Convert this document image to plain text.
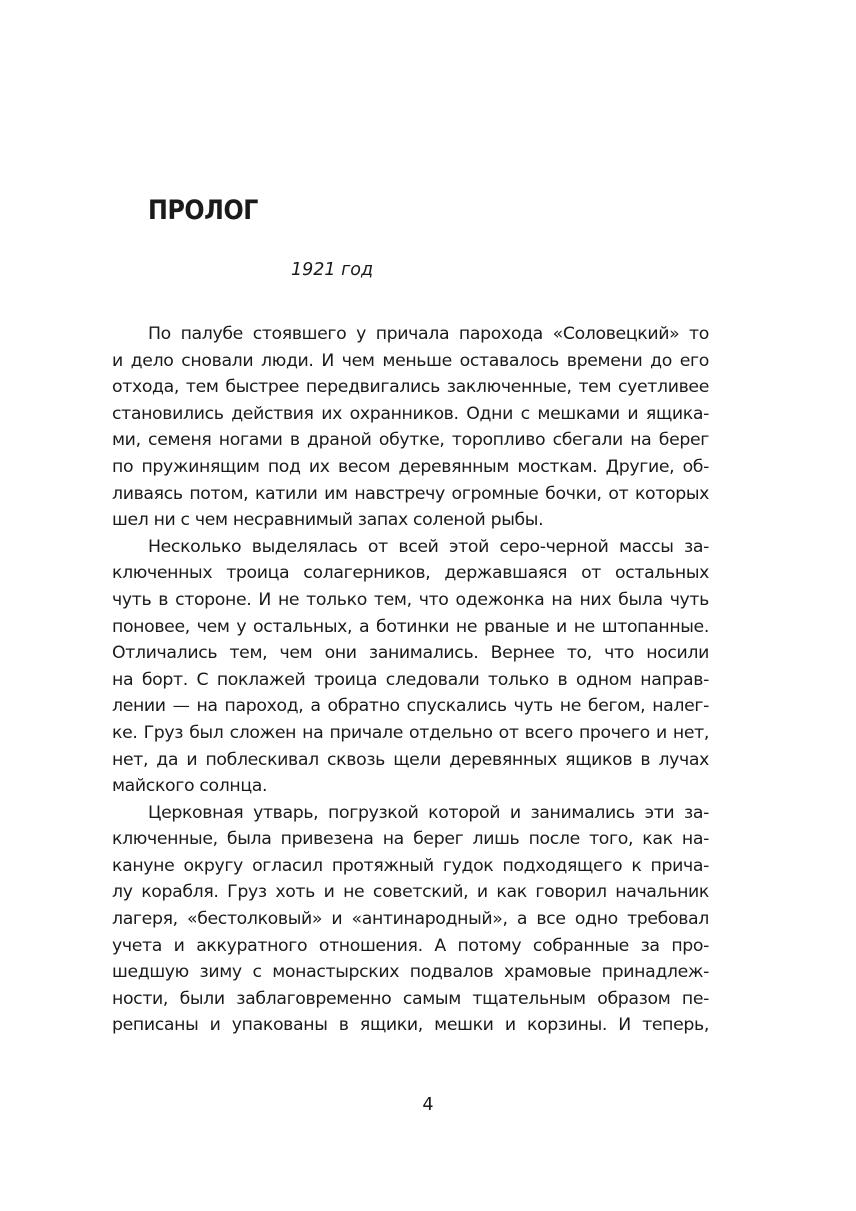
ПРОЛОГ

1921 год

По палубе стоявшего у причала парохода «Соловецкий» то
и дело сновали люди. И чем меньше оставалось времени до его
отхода, тем быстрее передвигались заключенные, тем суетливее
становились действия их охранников. Одни с мешками и ящика-
ми, семеня ногами в драной обутке, торопливо сбегали на берег
по пружинящим под их весом деревянным мосткам. Другие, об-
ливаясь потом, катили им навстречу огромные бочки, от которых
шел ни с чем несравнимый запах соленой рыбы.

Несколько выделялась от всей этой серо-черной массы за-
ключенных троица солагерников, державшаяся от остальных
чуть в стороне. И не только тем, что одежонка на них была чуть
поновее, чем у остальных, а ботинки не рваные и не штопанные.
Отличались тем, чем они занимались. Вернее то, что носили
на борт. С поклажей троица следовали только в одном направ-
лении — на пароход, а обратно спускались чуть не бегом, налег-
ке. Груз был сложен на причале отдельно от всего прочего и нет,
нет, да и поблескивал сквозь щели деревянных ящиков в лучах
майского солнца.

Церковная утварь, погрузкой которой и занимались эти за-
ключенные, была привезена на берег лишь после того, как на-
кануне округу огласил протяжный гудок подходящего к прича-
лу корабля. Груз хоть и не советский, и как говорил начальник
лагеря, «бестолковый» и «антинародный», а все одно требовал
учета и аккуратного отношения. А потому собранные за про-
шедшую зиму с монастырских подвалов храмовые принадлеж-
ности, были заблаговременно самым тщательным образом пе-
реписаны и упакованы в ящики, мешки и корзины. И теперь,

4
